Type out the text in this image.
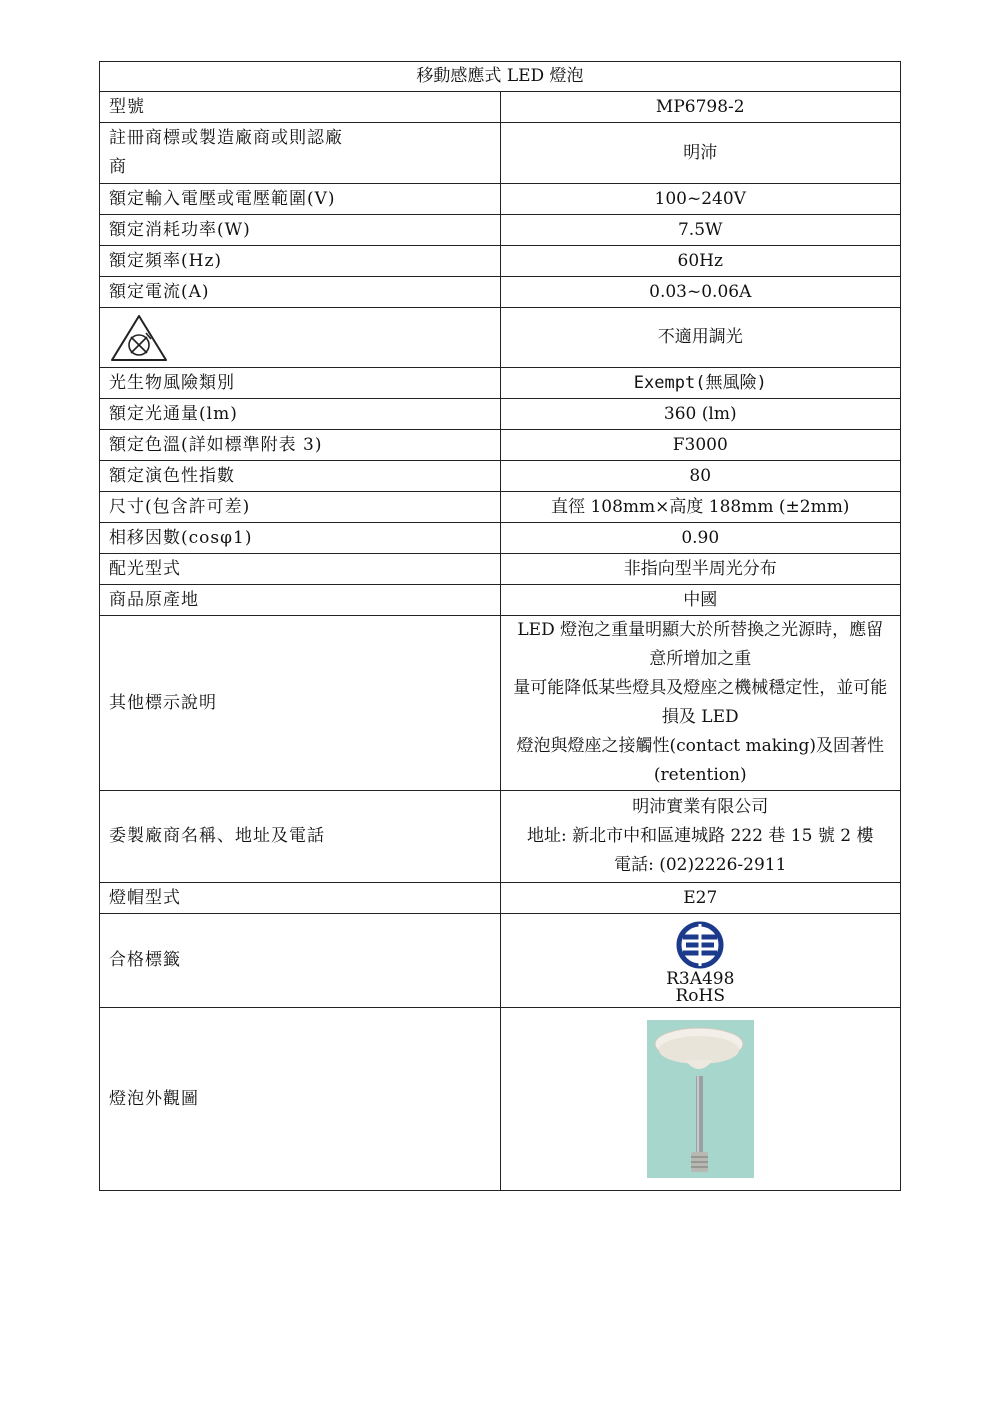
移動感應式 LED 燈泡	
型號	MP6798-2

註冊商標或製造廠商或則認廠
商	明沛
額定輸入電壓或電壓範圍(V)	100~240V
額定消耗功率(W)	7.5W
額定頻率(Hz)	60Hz
額定電流(A)	0.03~0.06A
	不適用調光
光生物風險類別	Exempt(無風險)
額定光通量(lm)	360 (lm)
額定色溫(詳如標準附表 3)	F3000
額定演色性指數	80
尺寸(包含許可差)	直徑 108mm×高度 188mm (±2mm)
相移因數(cosφ1)	0.90
配光型式	非指向型半周光分布
商品原產地	中國
其他標示說明	LED 燈泡之重量明顯大於所替換之光源時，應留意所增加之重
量可能降低某些燈具及燈座之機械穩定性，並可能損及 LED
燈泡與燈座之接觸性(contact making)及固著性(retention)

委製廠商名稱、地址及電話	明沛實業有限公司
地址: 新北市中和區連城路 222 巷 15 號 2 樓
電話: (02)2226-2911

燈帽型式	E27
合格標籤	R3A498
RoHS

燈泡外觀圖	
